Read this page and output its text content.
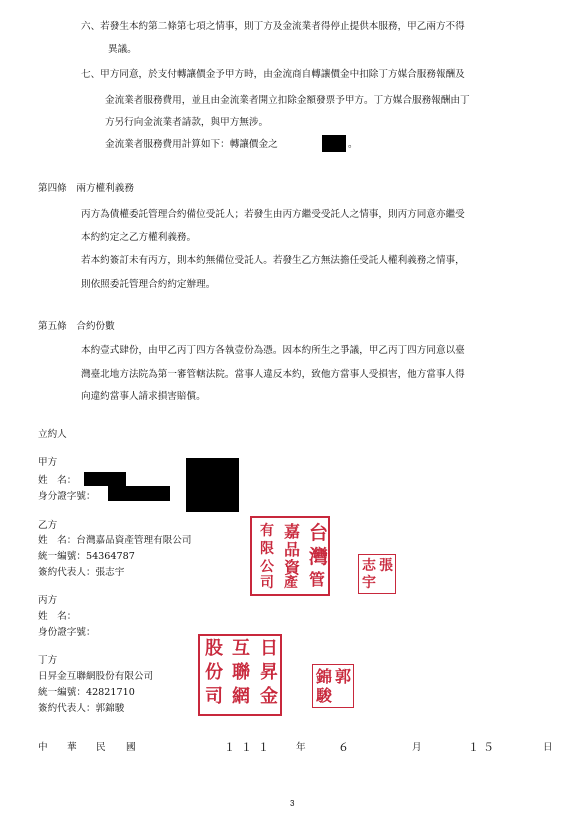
六、若發生本約第二條第七項之情事，則丁方及金流業者得停止提供本服務，甲乙兩方不得
異議。
七、甲方同意，於支付轉讓價金予甲方時，由金流商自轉讓價金中扣除丁方媒合服務報酬及
金流業者服務費用，並且由金流業者開立扣除金額發票予甲方。丁方媒合服務報酬由丁
方另行向金流業者請款，與甲方無涉。
金流業者服務費用計算如下：轉讓價金之	。
第四條　兩方權利義務
丙方為債權委託管理合約備位受託人；若發生由丙方繼受受託人之情事，則丙方同意亦繼受
本約約定之乙方權利義務。
若本約簽訂未有丙方，則本約無備位受託人。若發生乙方無法擔任受託人權利義務之情事，
則依照委託管理合約約定辦理。
第五條　合約份數
本約壹式肆份，由甲乙丙丁四方各執壹份為憑。因本約所生之爭議，甲乙丙丁四方同意以臺
灣臺北地方法院為第一審管轄法院。當事人違反本約，致他方當事人受損害，他方當事人得
向違約當事人請求損害賠償。
立約人
甲方
姓　名：
身分證字號：
乙方
姓　名：台灣嘉品資產管理有限公司
統一編號：54364787
簽約代表人：張志宇
丙方
姓　名：
身份證字號：
丁方
日昇金互聯網股份有限公司
統一編號：42821710
簽約代表人：郭錦駿
台
灣
嘉
品
資
產 管
有
限
公
司
張
志
宇
日
昇
金
互
聯
網
股
份
司
郭
錦
駿
中 華 民 國	１１１ 年	６	月	１５	日
3
